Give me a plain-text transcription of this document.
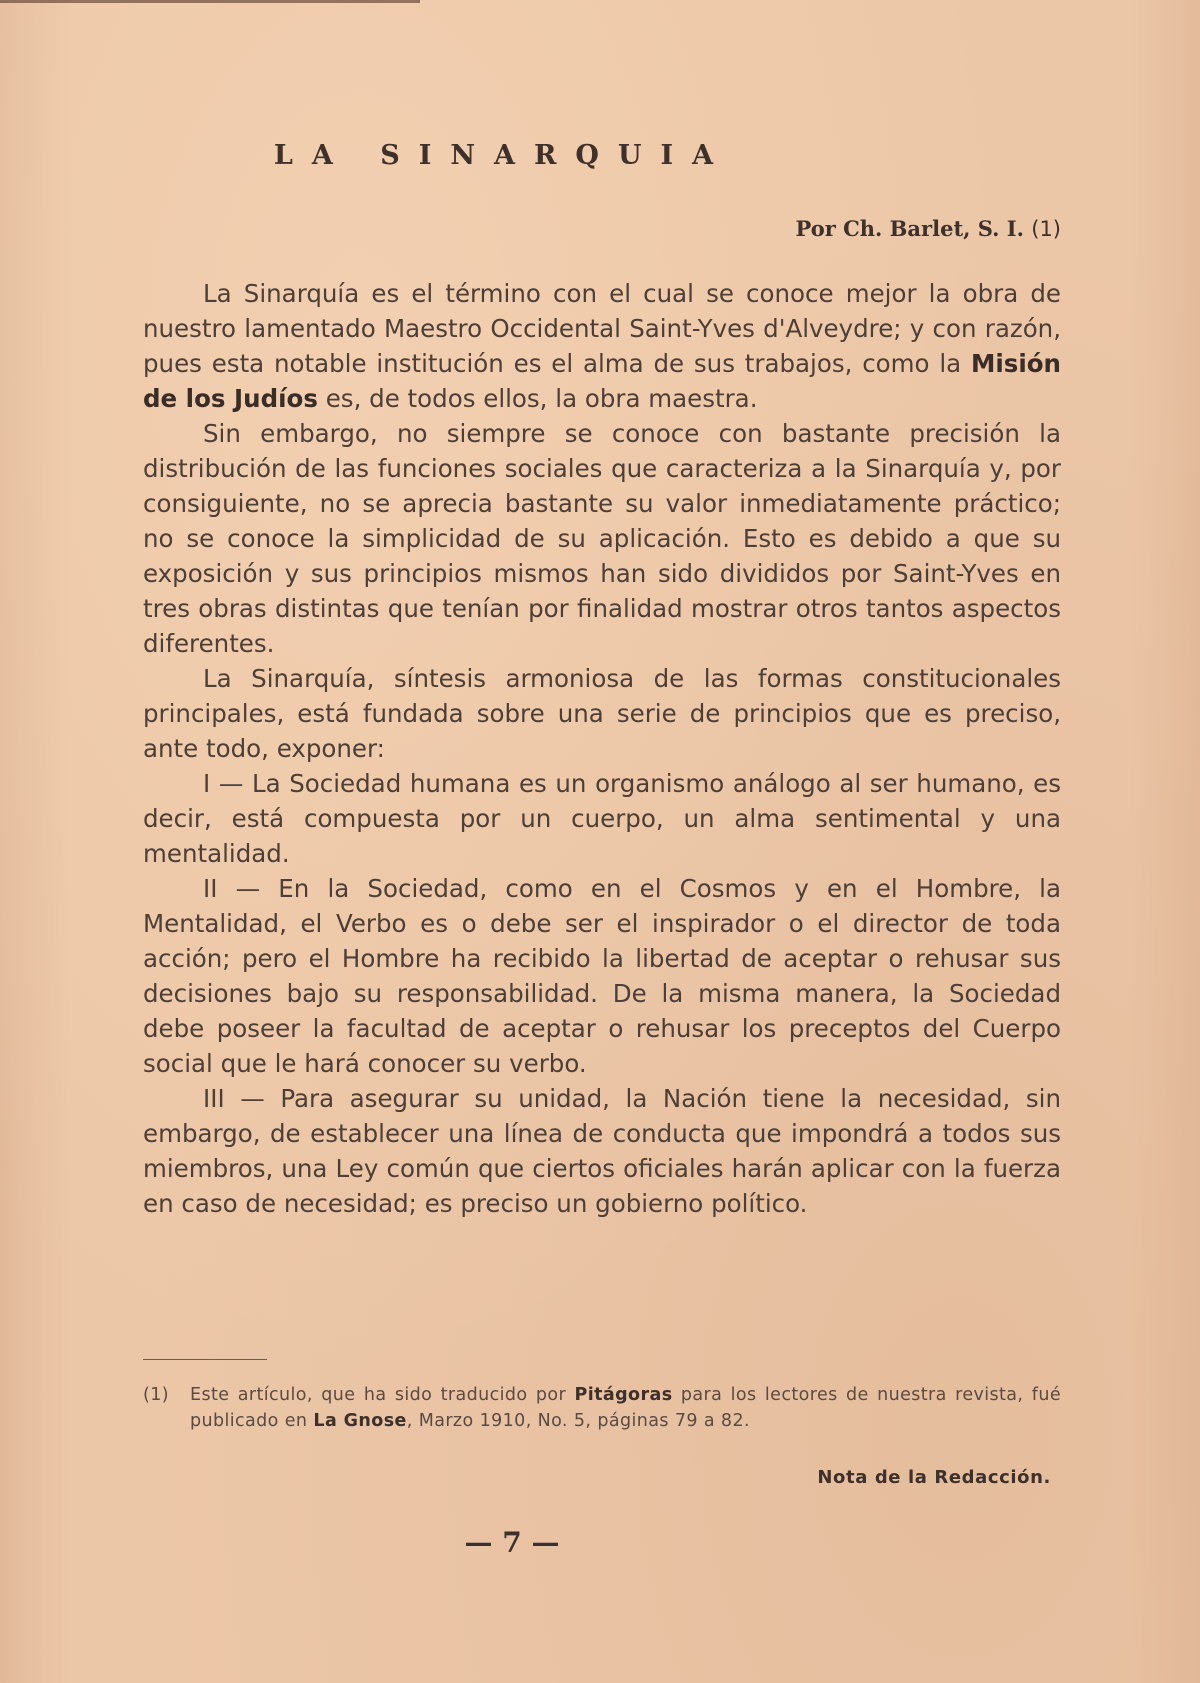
LA SINARQUIA
Por Ch. Barlet, S. I. (1)

La Sinarquía es el término con el cual se conoce mejor la obra de nuestro lamentado Maestro Occidental Saint-Yves d'Alveydre; y con razón, pues esta notable institución es el alma de sus trabajos, como la Misión de los Judíos es, de todos ellos, la obra maestra.

Sin embargo, no siempre se conoce con bastante precisión la distribución de las funciones sociales que caracteriza a la Sinarquía y, por consiguiente, no se aprecia bastante su valor inmediatamente práctico; no se conoce la simplicidad de su aplicación. Esto es debido a que su exposición y sus principios mismos han sido divididos por Saint-Yves en tres obras distintas que tenían por finalidad mostrar otros tantos aspectos diferentes.

La Sinarquía, síntesis armoniosa de las formas constitucionales principales, está fundada sobre una serie de principios que es preciso, ante todo, exponer:

I — La Sociedad humana es un organismo análogo al ser humano, es decir, está compuesta por un cuerpo, un alma sentimental y una mentalidad.

II — En la Sociedad, como en el Cosmos y en el Hombre, la Mentalidad, el Verbo es o debe ser el inspirador o el director de toda acción; pero el Hombre ha recibido la libertad de aceptar o rehusar sus decisiones bajo su responsabilidad. De la misma manera, la Sociedad debe poseer la facultad de aceptar o rehusar los preceptos del Cuerpo social que le hará conocer su verbo.

III — Para asegurar su unidad, la Nación tiene la necesidad, sin embargo, de establecer una línea de conducta que impondrá a todos sus miembros, una Ley común que ciertos oficiales harán aplicar con la fuerza en caso de necesidad; es preciso un gobierno político.

(1) Este artículo, que ha sido traducido por Pitágoras para los lectores de nuestra revista, fué publicado en La Gnose, Marzo 1910, No. 5, páginas 79 a 82.
Nota de la Redacción.
— 7 —
